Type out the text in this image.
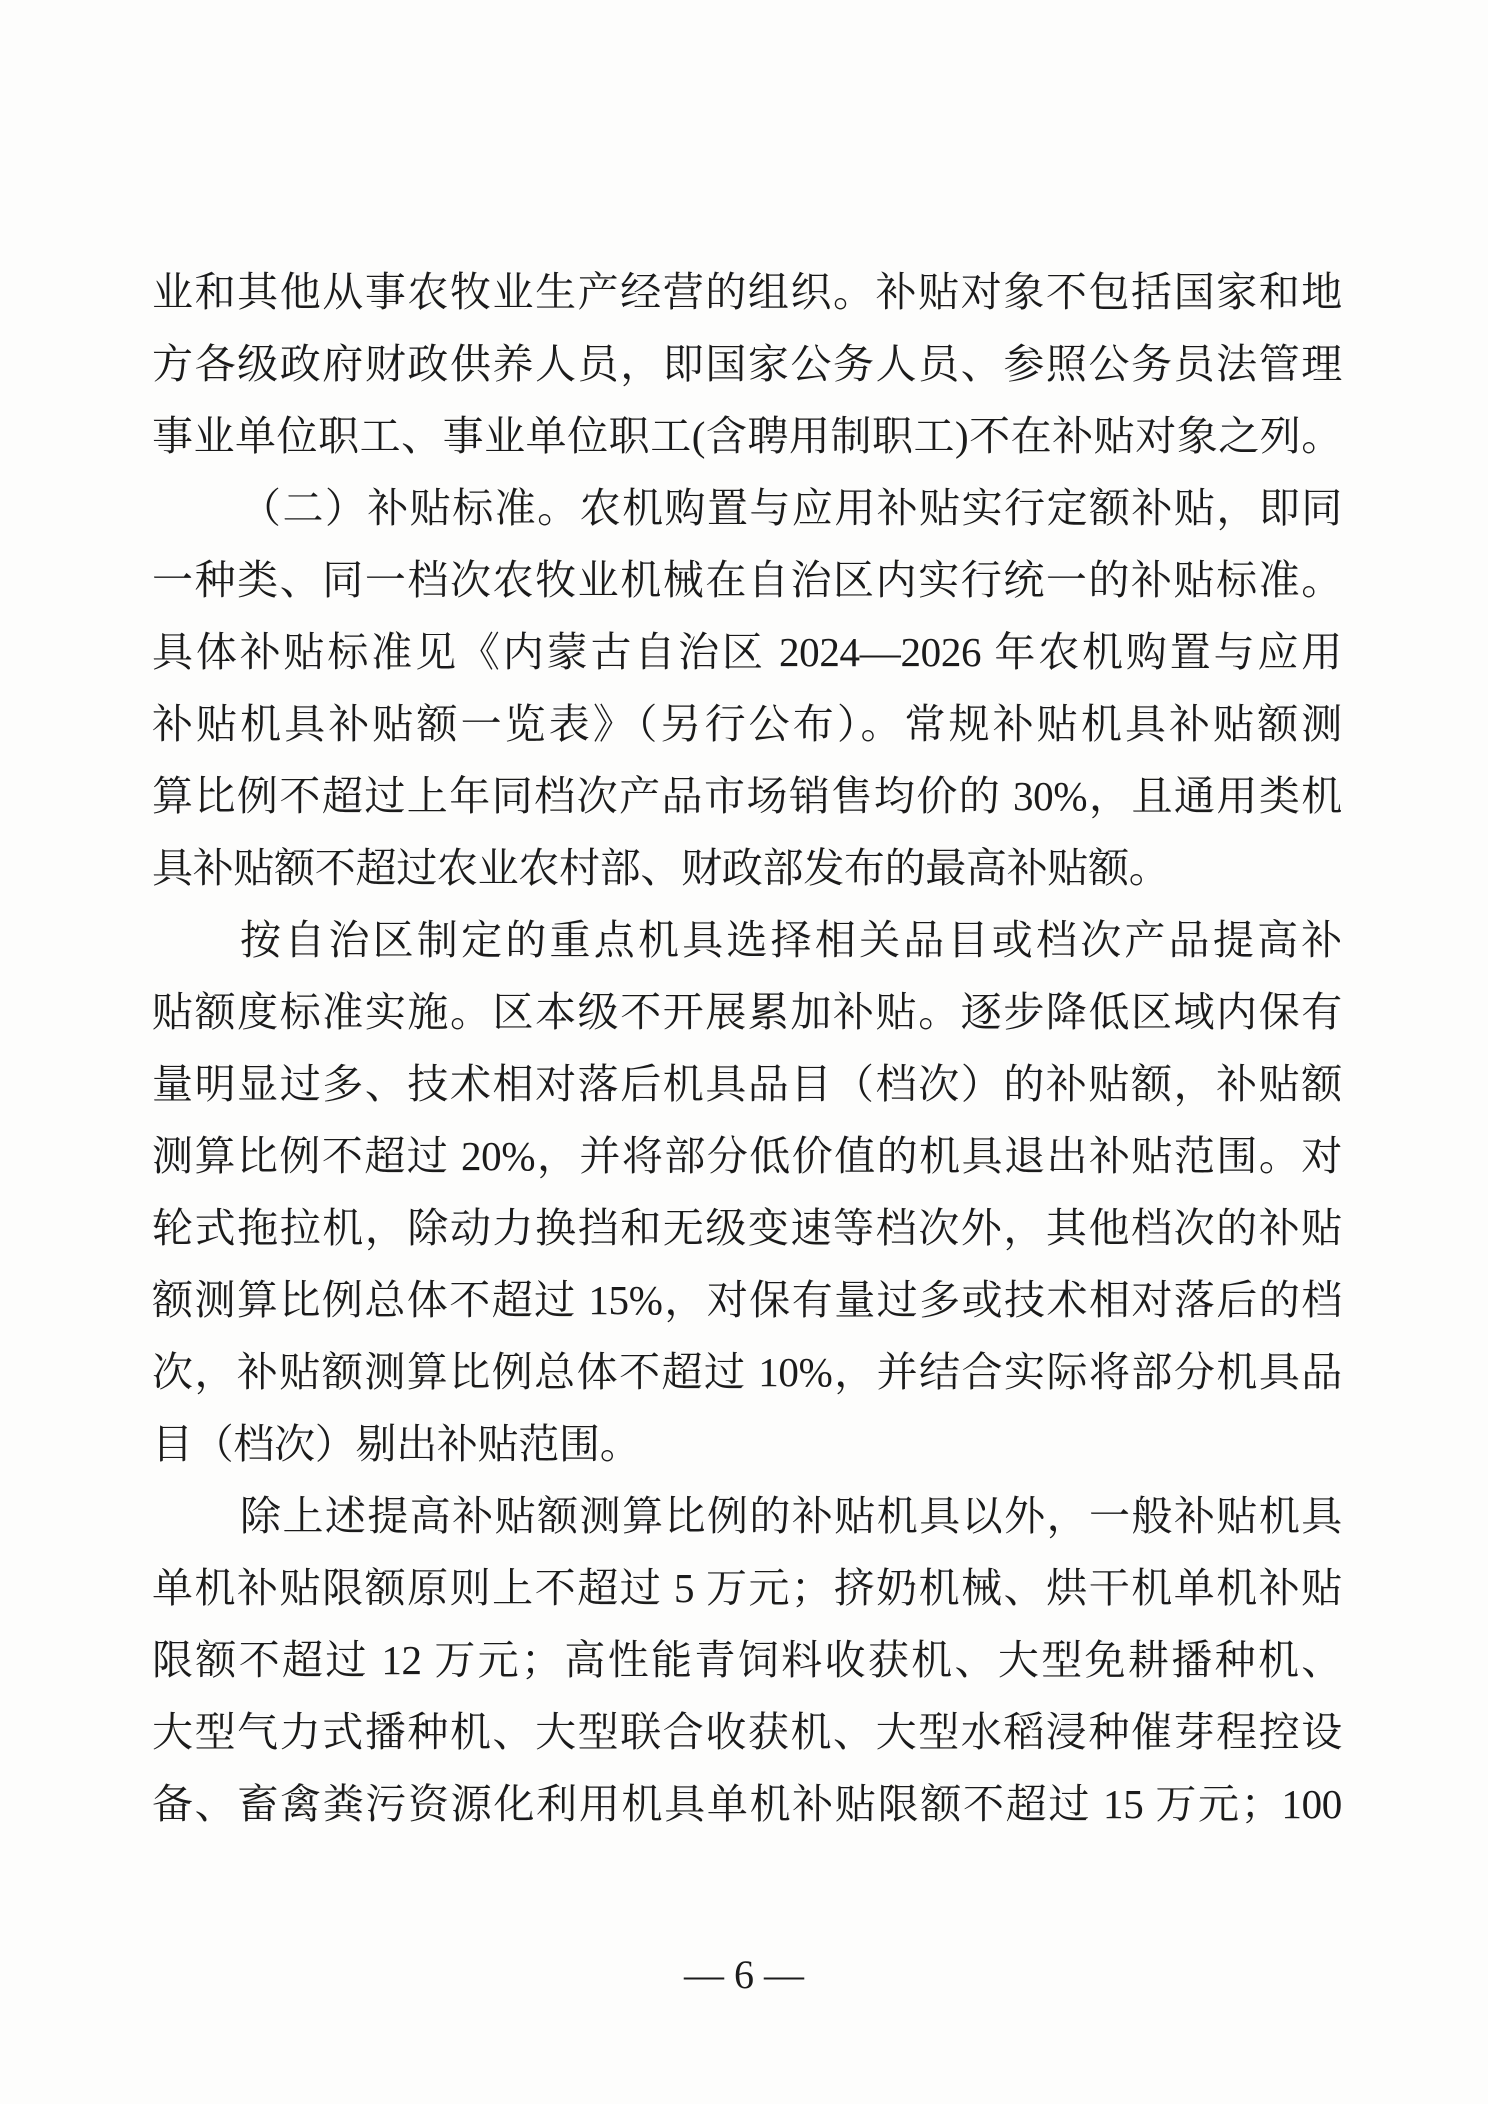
业和其他从事农牧业生产经营的组织。补贴对象不包括国家和地
方各级政府财政供养人员，即国家公务人员、参照公务员法管理
事业单位职工、事业单位职工(含聘用制职工)不在补贴对象之列。
（二）补贴标准。农机购置与应用补贴实行定额补贴，即同
一种类、同一档次农牧业机械在自治区内实行统一的补贴标准。
具体补贴标准见《内蒙古自治区 2024—2026 年农机购置与应用
补贴机具补贴额一览表》（另行公布）。常规补贴机具补贴额测
算比例不超过上年同档次产品市场销售均价的 30%，且通用类机
具补贴额不超过农业农村部、财政部发布的最高补贴额。
按自治区制定的重点机具选择相关品目或档次产品提高补
贴额度标准实施。区本级不开展累加补贴。逐步降低区域内保有
量明显过多、技术相对落后机具品目（档次）的补贴额，补贴额
测算比例不超过 20%，并将部分低价值的机具退出补贴范围。对
轮式拖拉机，除动力换挡和无级变速等档次外，其他档次的补贴
额测算比例总体不超过 15%，对保有量过多或技术相对落后的档
次，补贴额测算比例总体不超过 10%，并结合实际将部分机具品
目（档次）剔出补贴范围。
除上述提高补贴额测算比例的补贴机具以外，一般补贴机具
单机补贴限额原则上不超过 5 万元；挤奶机械、烘干机单机补贴
限额不超过 12 万元；高性能青饲料收获机、大型免耕播种机、
大型气力式播种机、大型联合收获机、大型水稻浸种催芽程控设
备、畜禽粪污资源化利用机具单机补贴限额不超过 15 万元；100
— 6 —
